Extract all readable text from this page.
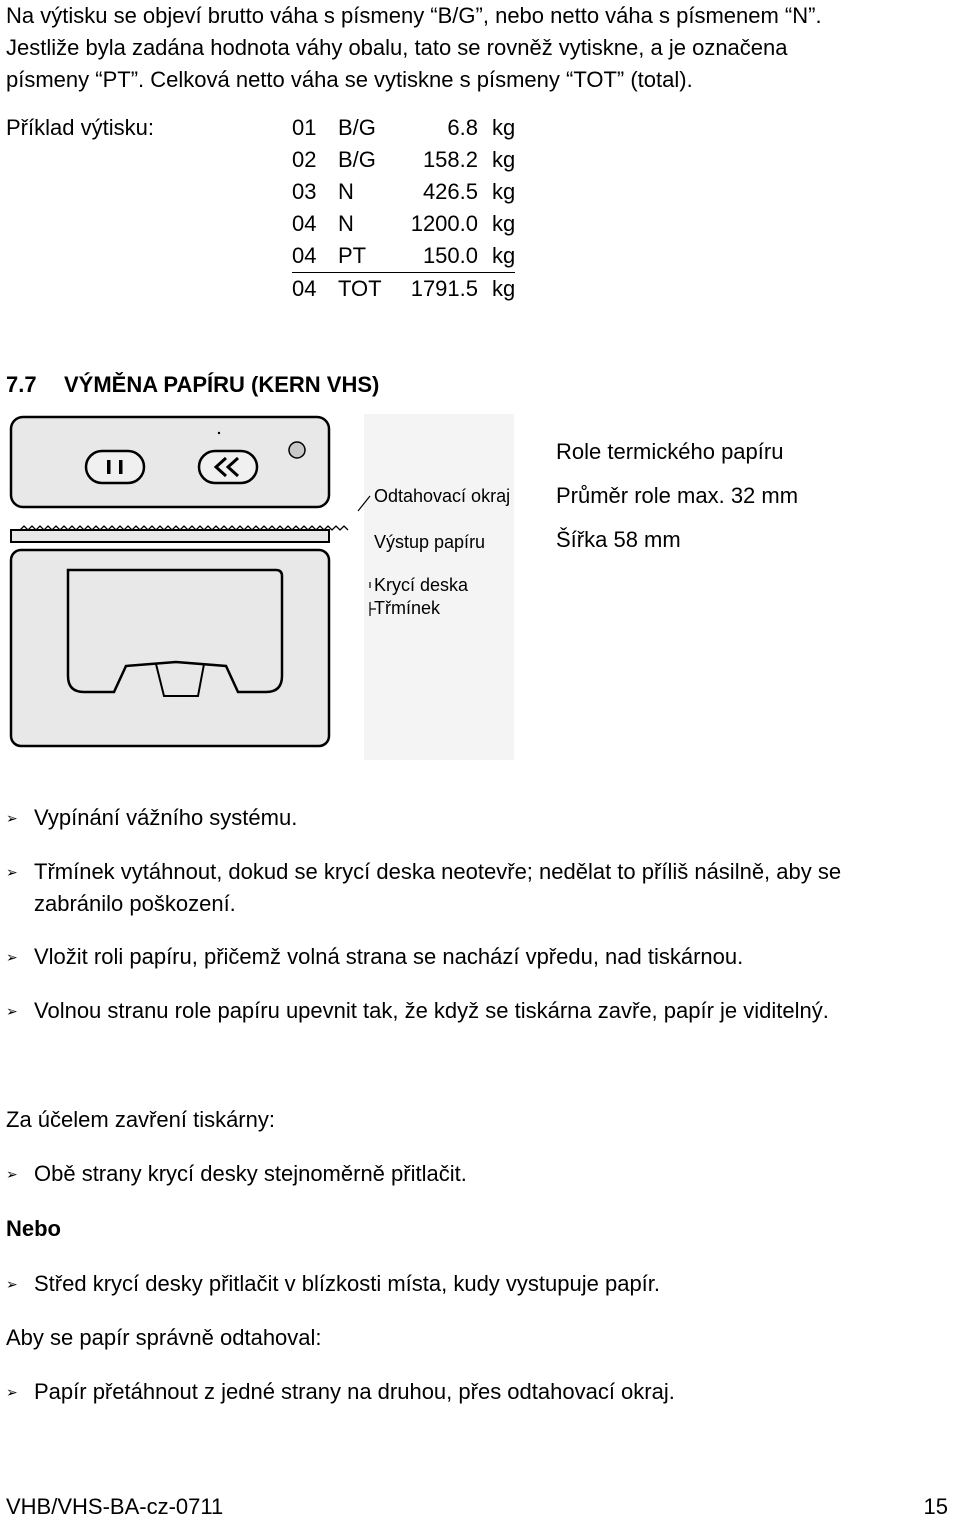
Na výtisku se objeví brutto váha s písmeny “B/G”, nebo netto váha s písmenem “N”.
Jestliže byla zadána hodnota váhy obalu, tato se rovněž vytiskne, a je označena
písmeny “PT”. Celková netto váha se vytiskne s písmeny “TOT” (total).
Příklad výtisku:	01	B/G	6.8	kg
02	B/G	158.2	kg
03	N	426.5	kg
04	N	1200.0	kg
04	PT	150.0	kg
04	TOT	1791.5	kg
7.7 VÝMĚNA PAPÍRU (KERN VHS)
Odtahovací okraj
Výstup papíru
Krycí deska
Třmínek
Role termického papíru
Průměr role max. 32 mm
Šířka 58 mm
➢ Vypínání vážního systému.
➢ Třmínek vytáhnout, dokud se krycí deska neotevře; nedělat to příliš násilně, aby se zabránilo poškození.
➢ Vložit roli papíru, přičemž volná strana se nachází vpředu, nad tiskárnou.
➢ Volnou stranu role papíru upevnit tak, že když se tiskárna zavře, papír je viditelný.
Za účelem zavření tiskárny:
➢ Obě strany krycí desky stejnoměrně přitlačit.
Nebo
➢ Střed krycí desky přitlačit v blízkosti místa, kudy vystupuje papír.
Aby se papír správně odtahoval:
➢ Papír přetáhnout z jedné strany na druhou, přes odtahovací okraj.
VHB/VHS-BA-cz-0711	15
